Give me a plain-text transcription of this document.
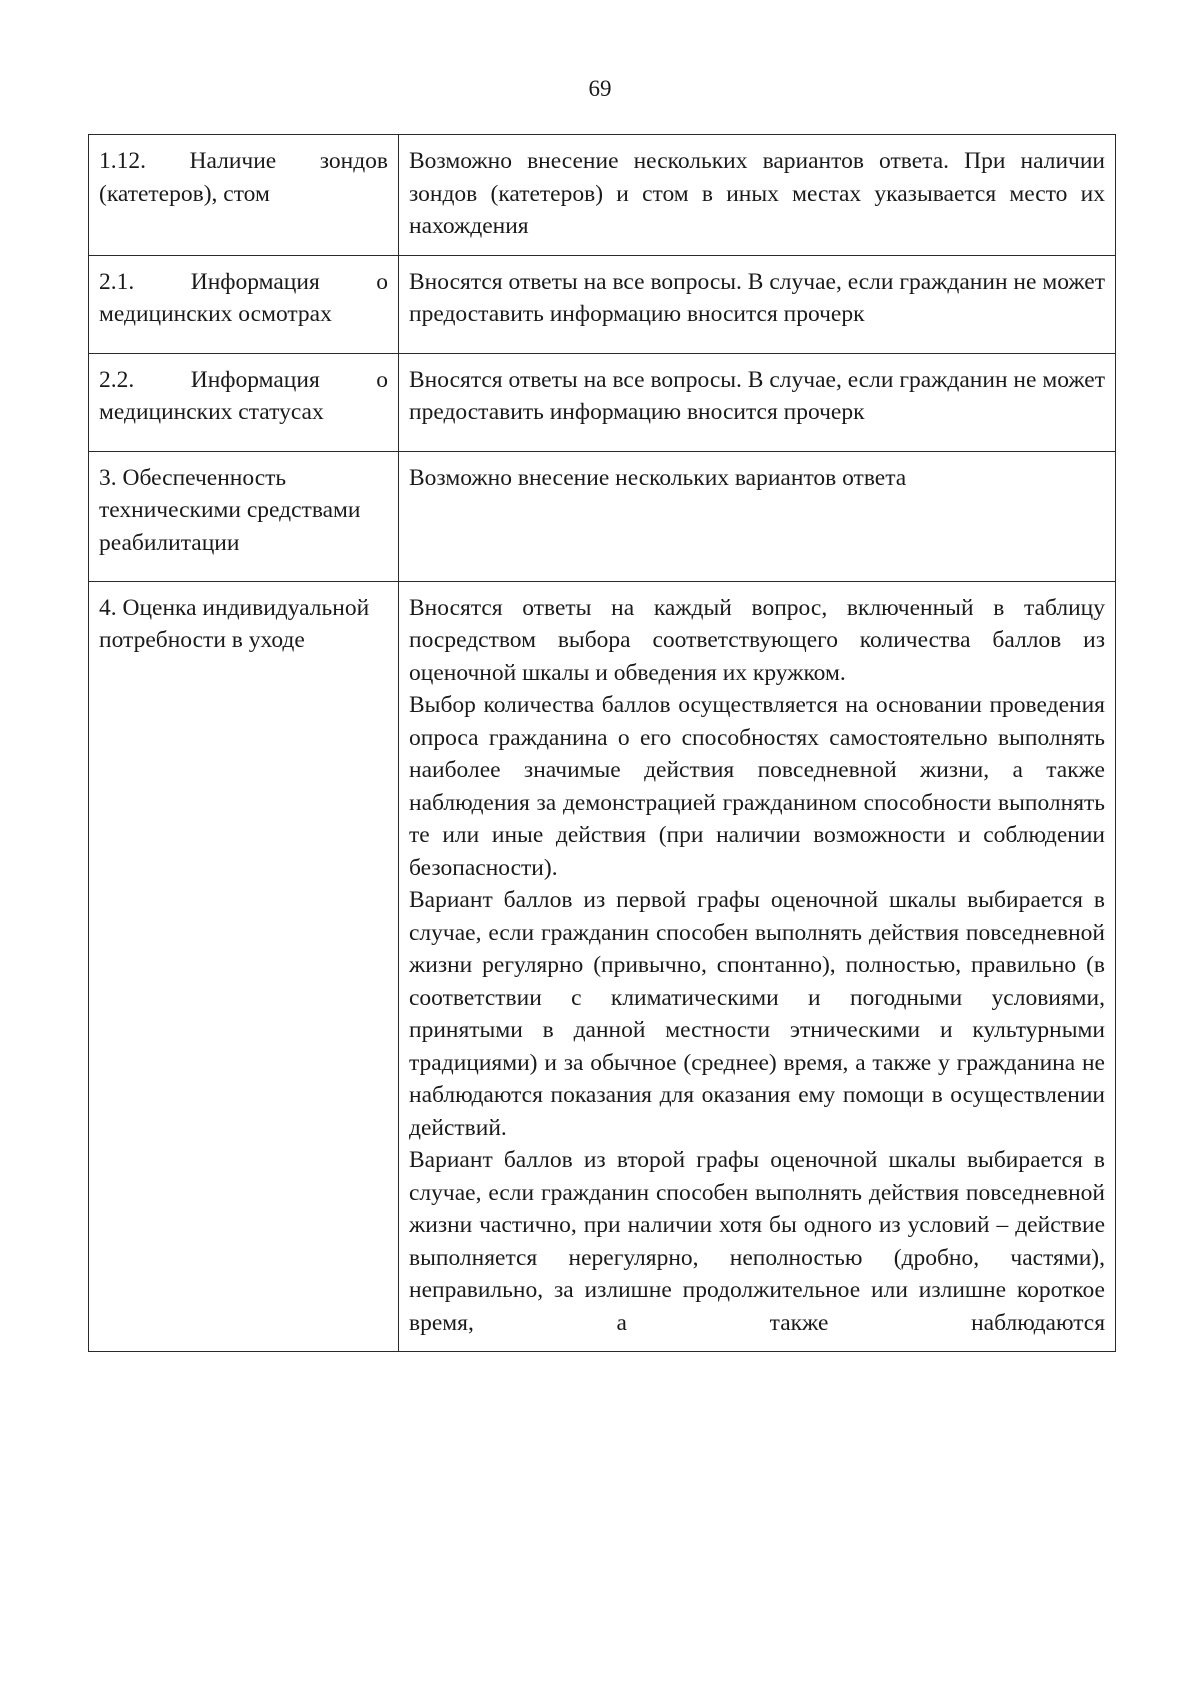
69

1.12. Наличие зондов (катетеров), стом	Возможно внесение нескольких вариантов ответа. При наличии зондов (катетеров) и стом в иных местах указывается место их нахождения

2.1. Информация о медицинских осмотрах	Вносятся ответы на все вопросы. В случае, если гражданин не может предоставить информацию вносится прочерк

2.2. Информация о медицинских статусах	Вносятся ответы на все вопросы. В случае, если гражданин не может предоставить информацию вносится прочерк

3. Обеспеченность техническими средствами реабилитации	Возможно внесение нескольких вариантов ответа

4. Оценка индивидуальной потребности в уходе	Вносятся ответы на каждый вопрос, включенный в таблицу посредством выбора соответствующего количества баллов из оценочной шкалы и обведения их кружком.

Выбор количества баллов осуществляется на основании проведения опроса гражданина о его способностях самостоятельно выполнять наиболее значимые действия повседневной жизни, а также наблюдения за демонстрацией гражданином способности выполнять те или иные действия (при наличии возможности и соблюдении безопасности).

Вариант баллов из первой графы оценочной шкалы выбирается в случае, если гражданин способен выполнять действия повседневной жизни регулярно (привычно, спонтанно), полностью, правильно (в соответствии с климатическими и погодными условиями, принятыми в данной местности этническими и культурными традициями) и за обычное (среднее) время, а также у гражданина не наблюдаются показания для оказания ему помощи в осуществлении действий.

Вариант баллов из второй графы оценочной шкалы выбирается в случае, если гражданин способен выполнять действия повседневной жизни частично, при наличии хотя бы одного из условий – действие выполняется нерегулярно, неполностью (дробно, частями), неправильно, за излишне продолжительное или излишне короткое время, а также наблюдаются
